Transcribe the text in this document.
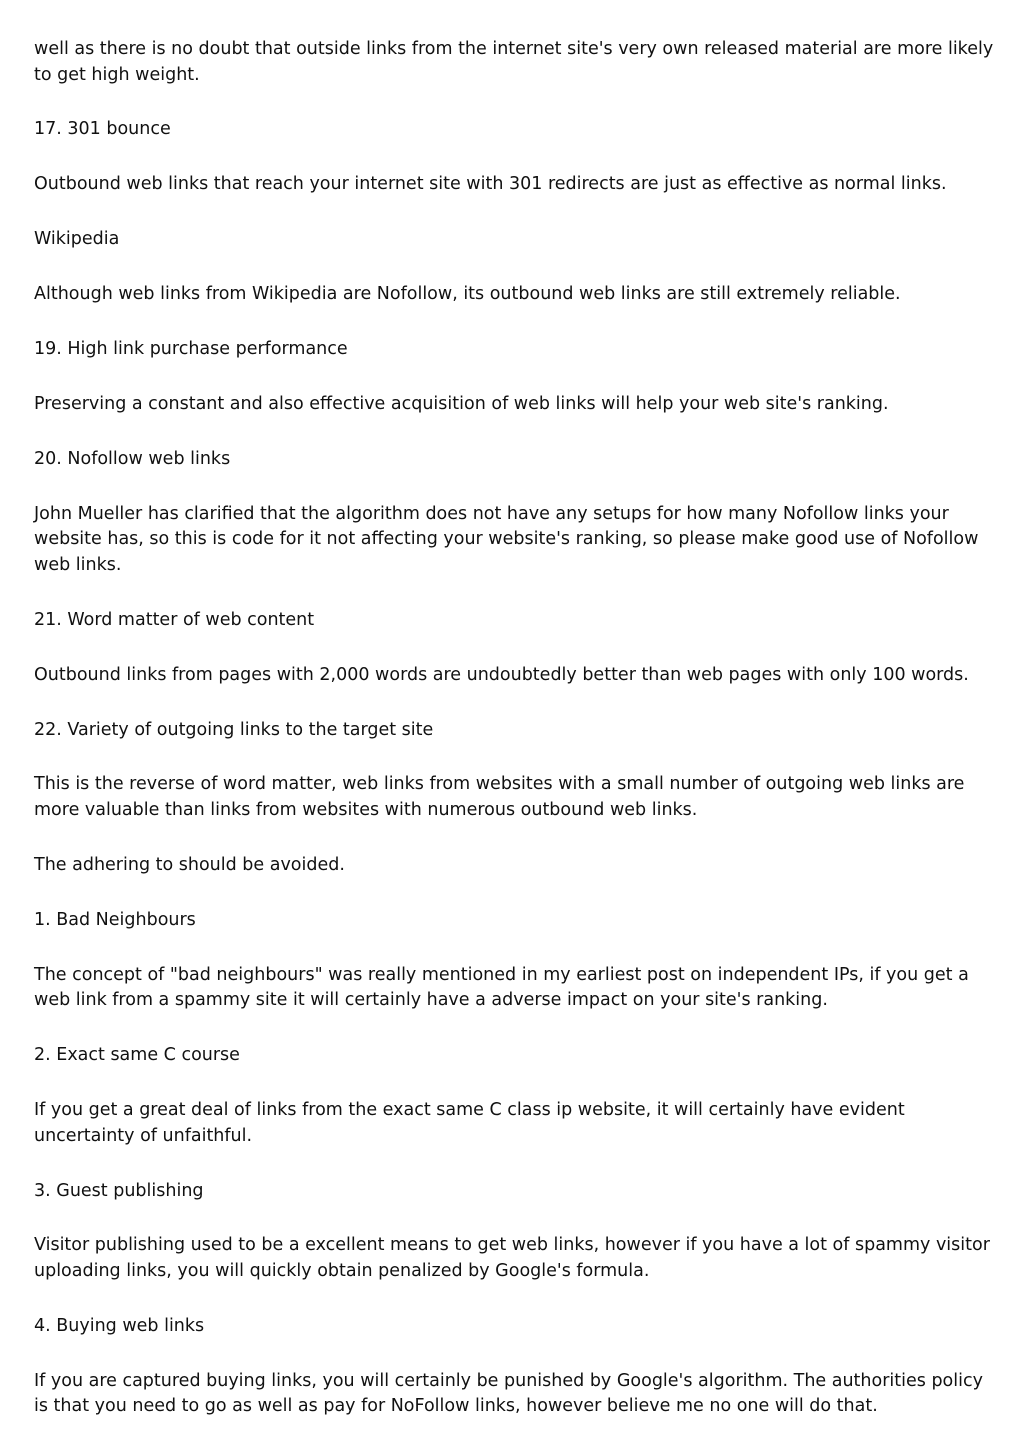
well as there is no doubt that outside links from the internet site's very own released material are more likely to get high weight.

17. 301 bounce

Outbound web links that reach your internet site with 301 redirects are just as effective as normal links.

Wikipedia

Although web links from Wikipedia are Nofollow, its outbound web links are still extremely reliable.

19. High link purchase performance

Preserving a constant and also effective acquisition of web links will help your web site's ranking.

20. Nofollow web links

John Mueller has clarified that the algorithm does not have any setups for how many Nofollow links your website has, so this is code for it not affecting your website's ranking, so please make good use of Nofollow web links.

21. Word matter of web content

Outbound links from pages with 2,000 words are undoubtedly better than web pages with only 100 words.

22. Variety of outgoing links to the target site

This is the reverse of word matter, web links from websites with a small number of outgoing web links are more valuable than links from websites with numerous outbound web links.

The adhering to should be avoided.

1. Bad Neighbours

The concept of "bad neighbours" was really mentioned in my earliest post on independent IPs, if you get a web link from a spammy site it will certainly have a adverse impact on your site's ranking.

2. Exact same C course

If you get a great deal of links from the exact same C class ip website, it will certainly have evident uncertainty of unfaithful.

3. Guest publishing

Visitor publishing used to be a excellent means to get web links, however if you have a lot of spammy visitor uploading links, you will quickly obtain penalized by Google's formula.

4. Buying web links

If you are captured buying links, you will certainly be punished by Google's algorithm. The authorities policy is that you need to go as well as pay for NoFollow links, however believe me no one will do that.
